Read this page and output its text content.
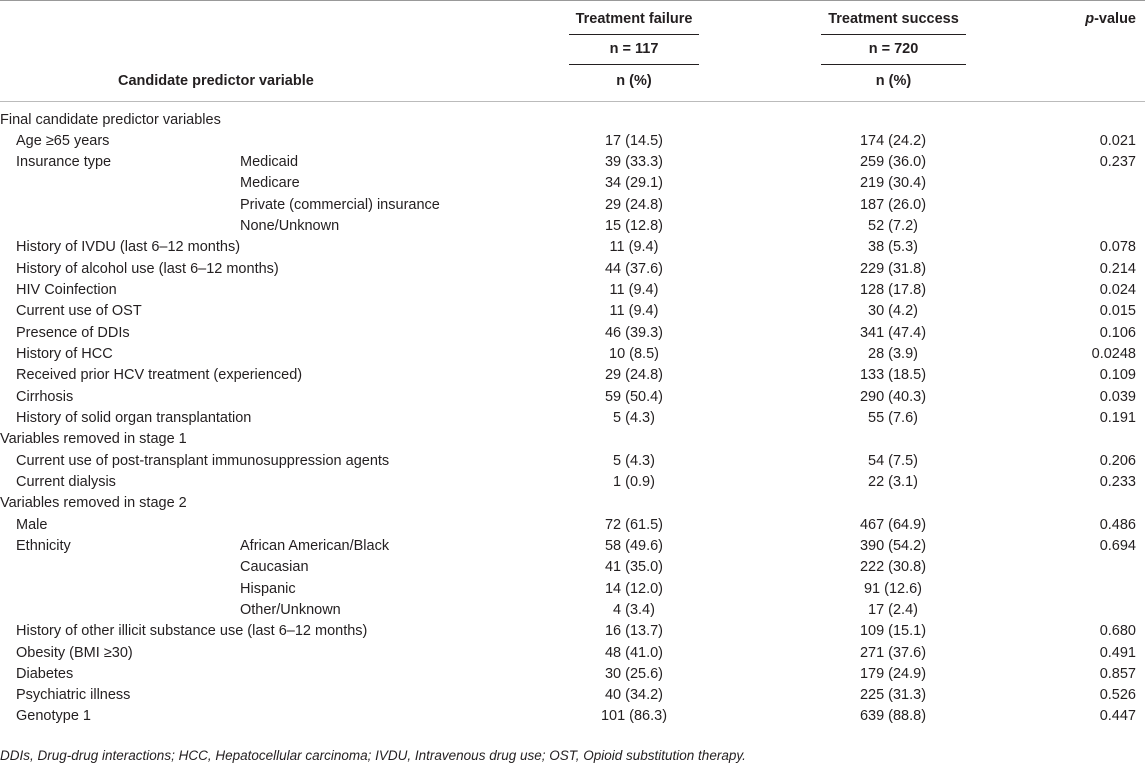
Treatment failure	Treatment success	p-value
n = 117	n = 720
Candidate predictor variable	n (%)	n (%)
Final candidate predictor variables
Age ≥65 years	17 (14.5)	174 (24.2)	0.021
Insurance type	Medicaid	39 (33.3)	259 (36.0)	0.237
Medicare	34 (29.1)	219 (30.4)
Private (commercial) insurance	29 (24.8)	187 (26.0)
None/Unknown	15 (12.8)	52 (7.2)
History of IVDU (last 6–12 months)	11 (9.4)	38 (5.3)	0.078
History of alcohol use (last 6–12 months)	44 (37.6)	229 (31.8)	0.214
HIV Coinfection	11 (9.4)	128 (17.8)	0.024
Current use of OST	11 (9.4)	30 (4.2)	0.015
Presence of DDIs	46 (39.3)	341 (47.4)	0.106
History of HCC	10 (8.5)	28 (3.9)	0.0248
Received prior HCV treatment (experienced)	29 (24.8)	133 (18.5)	0.109
Cirrhosis	59 (50.4)	290 (40.3)	0.039
History of solid organ transplantation	5 (4.3)	55 (7.6)	0.191
Variables removed in stage 1
Current use of post-transplant immunosuppression agents	5 (4.3)	54 (7.5)	0.206
Current dialysis	1 (0.9)	22 (3.1)	0.233
Variables removed in stage 2
Male	72 (61.5)	467 (64.9)	0.486
Ethnicity	African American/Black	58 (49.6)	390 (54.2)	0.694
Caucasian	41 (35.0)	222 (30.8)
Hispanic	14 (12.0)	91 (12.6)
Other/Unknown	4 (3.4)	17 (2.4)
History of other illicit substance use (last 6–12 months)	16 (13.7)	109 (15.1)	0.680
Obesity (BMI ≥30)	48 (41.0)	271 (37.6)	0.491
Diabetes	30 (25.6)	179 (24.9)	0.857
Psychiatric illness	40 (34.2)	225 (31.3)	0.526
Genotype 1	101 (86.3)	639 (88.8)	0.447
DDIs, Drug-drug interactions; HCC, Hepatocellular carcinoma; IVDU, Intravenous drug use; OST, Opioid substitution therapy.
